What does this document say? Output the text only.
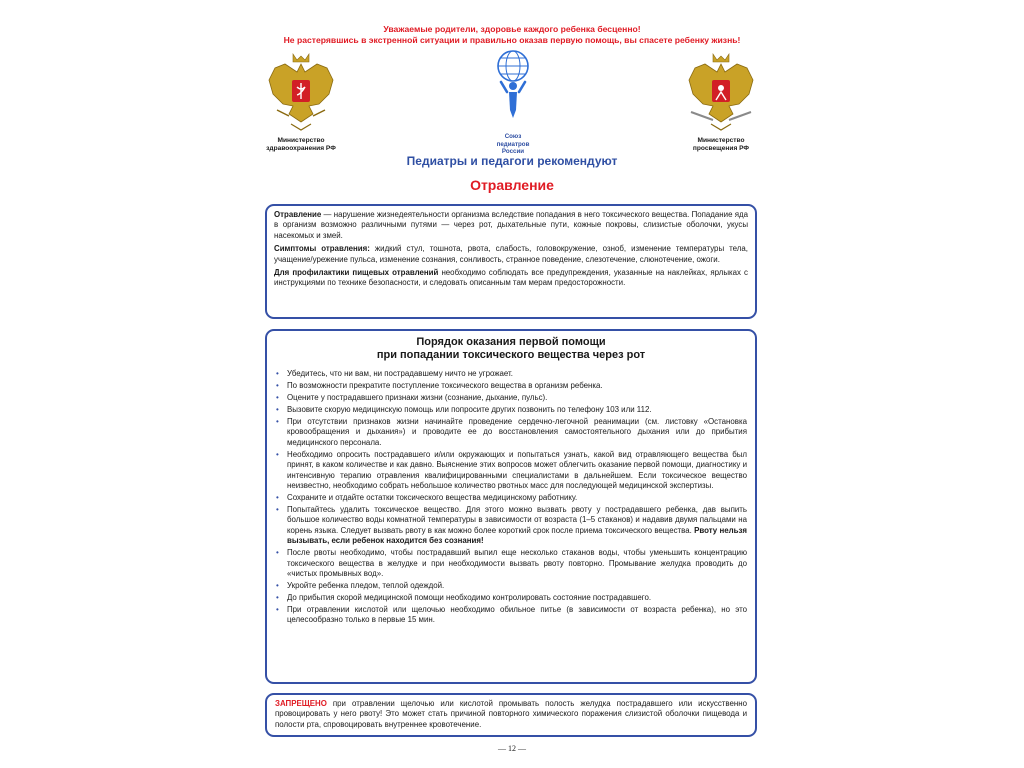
Уважаемые родители, здоровье каждого ребенка бесценно!

Не растерявшись в экстренной ситуации и правильно оказав первую помощь, вы спасете ребенку жизнь!

Министерство
здравоохранения РФ
Союз
педиатров
России
Министерство
просвещения РФ
Педиатры и педагоги рекомендуют
Отравление

Отравление — нарушение жизнедеятельности организма вследствие попадания в него токсического вещества. Попадание яда в организм возможно различными путями — через рот, дыхательные пути, кожные покровы, слизистые оболочки, укусы насекомых и змей.

Симптомы отравления: жидкий стул, тошнота, рвота, слабость, головокружение, озноб, изменение температуры тела, учащение/урежение пульса, изменение сознания, сонливость, странное поведение, слезотечение, слюнотечение, ожоги.

Для профилактики пищевых отравлений необходимо соблюдать все предупреждения, указанные на наклейках, ярлыках с инструкциями по технике безопасности, и следовать описанным там мерам предосторожности.

Порядок оказания первой помощи
при попадании токсического вещества через рот
• Убедитесь, что ни вам, ни пострадавшему ничто не угрожает.
• По возможности прекратите поступление токсического вещества в организм ребенка.
• Оцените у пострадавшего признаки жизни (сознание, дыхание, пульс).
• Вызовите скорую медицинскую помощь или попросите других позвонить по телефону 103 или 112.
• При отсутствии признаков жизни начинайте проведение сердечно-легочной реанимации (см. листовку «Остановка кровообращения и дыхания») и проводите ее до восстановления самостоятельного дыхания или до прибытия медицинского персонала.
• Необходимо опросить пострадавшего и/или окружающих и попытаться узнать, какой вид отравляющего вещества был принят, в каком количестве и как давно. Выяснение этих вопросов может облегчить оказание первой помощи, диагностику и интенсивную терапию отравления квалифицированными специалистами в дальнейшем. Если токсическое вещество неизвестно, необходимо собрать небольшое количество рвотных масс для последующей медицинской экспертизы.
• Сохраните и отдайте остатки токсического вещества медицинскому работнику.
• Попытайтесь удалить токсическое вещество. Для этого можно вызвать рвоту у пострадавшего ребенка, дав выпить большое количество воды комнатной температуры в зависимости от возраста (1–5 стаканов) и надавив двумя пальцами на корень языка. Следует вызвать рвоту в как можно более короткий срок после приема токсического вещества. Рвоту нельзя вызывать, если ребенок находится без сознания!
• После рвоты необходимо, чтобы пострадавший выпил еще несколько стаканов воды, чтобы уменьшить концентрацию токсического вещества в желудке и при необходимости вызвать рвоту повторно. Промывание желудка проводить до «чистых промывных вод».
• Укройте ребенка пледом, теплой одеждой.
• До прибытия скорой медицинской помощи необходимо контролировать состояние пострадавшего.
• При отравлении кислотой или щелочью необходимо обильное питье (в зависимости от возраста ребенка), но это целесообразно только в первые 15 мин.

ЗАПРЕЩЕНО при отравлении щелочью или кислотой промывать полость желудка пострадавшего или искусственно провоцировать у него рвоту! Это может стать причиной повторного химического поражения слизистой оболочки пищевода и полости рта, спровоцировать внутреннее кровотечение.

— 12 —
